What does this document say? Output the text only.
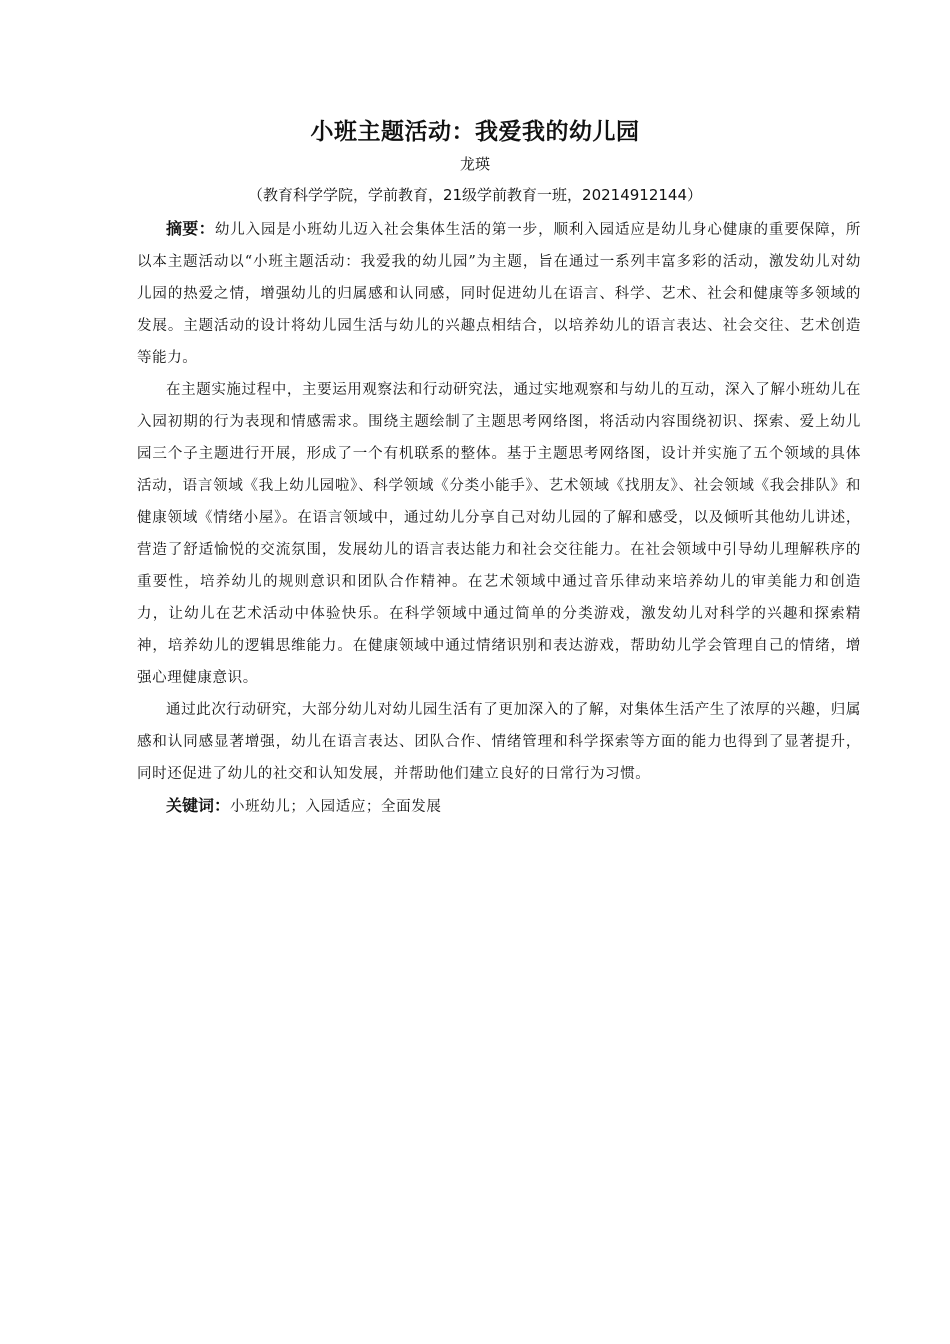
小班主题活动：我爱我的幼儿园
龙瑛
（教育科学学院，学前教育，21级学前教育一班，20214912144）

摘要：幼儿入园是小班幼儿迈入社会集体生活的第一步，顺利入园适应是幼儿身心健康的重要保障，所以本主题活动以“小班主题活动：我爱我的幼儿园”为主题，旨在通过一系列丰富多彩的活动，激发幼儿对幼儿园的热爱之情，增强幼儿的归属感和认同感，同时促进幼儿在语言、科学、艺术、社会和健康等多领域的发展。主题活动的设计将幼儿园生活与幼儿的兴趣点相结合，以培养幼儿的语言表达、社会交往、艺术创造等能力。

在主题实施过程中，主要运用观察法和行动研究法，通过实地观察和与幼儿的互动，深入了解小班幼儿在入园初期的行为表现和情感需求。围绕主题绘制了主题思考网络图，将活动内容围绕初识、探索、爱上幼儿园三个子主题进行开展，形成了一个有机联系的整体。基于主题思考网络图，设计并实施了五个领域的具体活动，语言领域《我上幼儿园啦》、科学领域《分类小能手》、艺术领域《找朋友》、社会领域《我会排队》和健康领域《情绪小屋》。在语言领域中，通过幼儿分享自己对幼儿园的了解和感受，以及倾听其他幼儿讲述，营造了舒适愉悦的交流氛围，发展幼儿的语言表达能力和社会交往能力。在社会领域中引导幼儿理解秩序的重要性，培养幼儿的规则意识和团队合作精神。在艺术领域中通过音乐律动来培养幼儿的审美能力和创造力，让幼儿在艺术活动中体验快乐。在科学领域中通过简单的分类游戏，激发幼儿对科学的兴趣和探索精神，培养幼儿的逻辑思维能力。在健康领域中通过情绪识别和表达游戏，帮助幼儿学会管理自己的情绪，增强心理健康意识。

通过此次行动研究，大部分幼儿对幼儿园生活有了更加深入的了解，对集体生活产生了浓厚的兴趣，归属感和认同感显著增强，幼儿在语言表达、团队合作、情绪管理和科学探索等方面的能力也得到了显著提升，同时还促进了幼儿的社交和认知发展，并帮助他们建立良好的日常行为习惯。

关键词：小班幼儿；入园适应；全面发展
